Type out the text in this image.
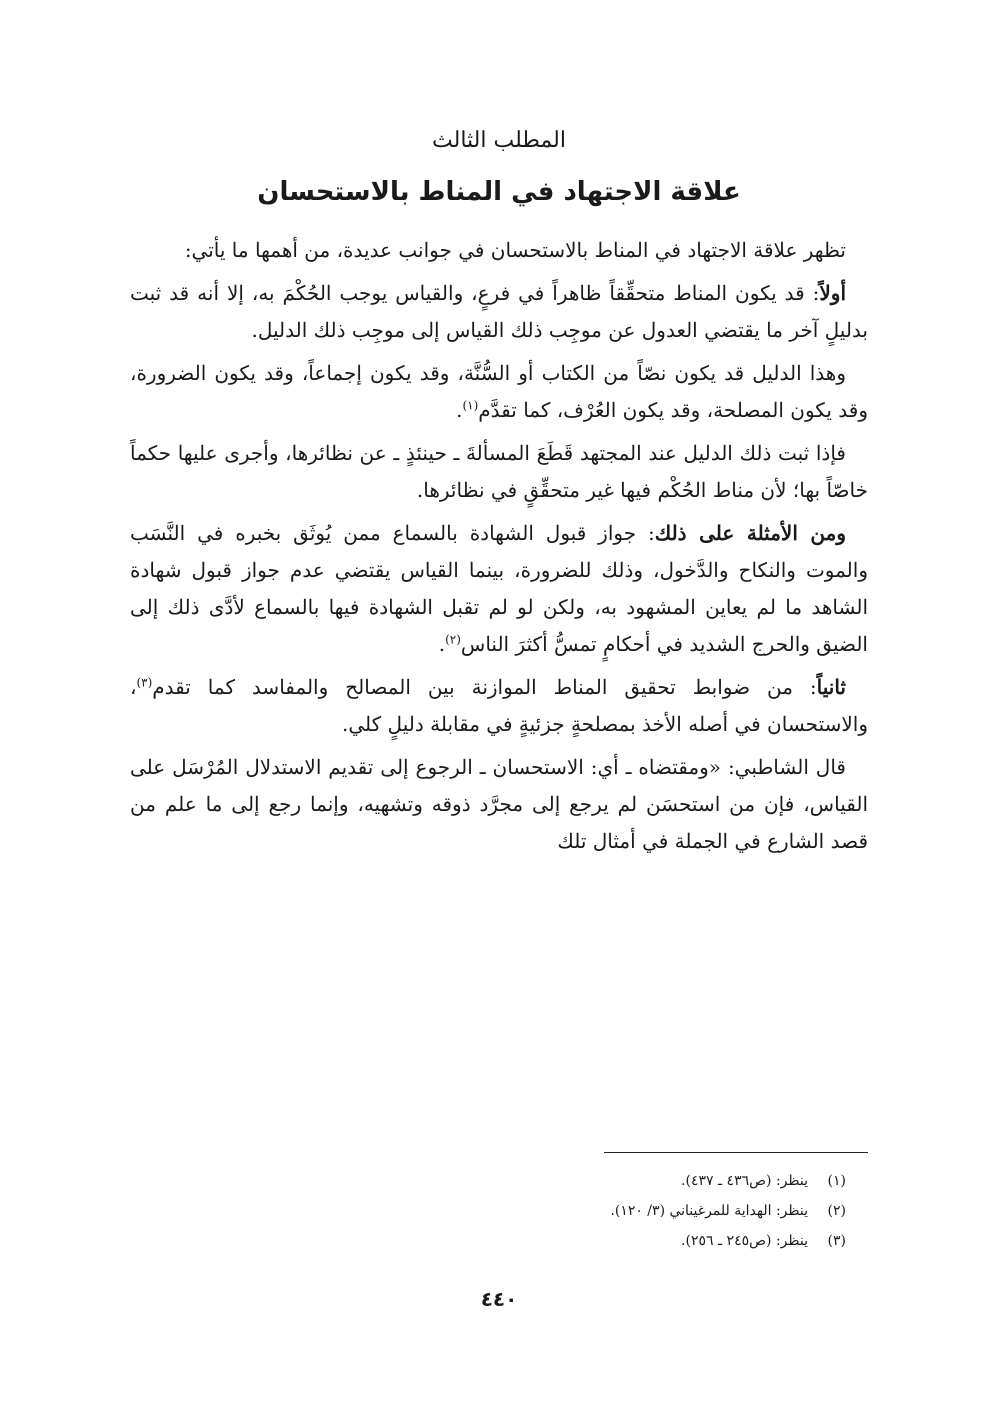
المطلب الثالث
علاقة الاجتهاد في المناط بالاستحسان

تظهر علاقة الاجتهاد في المناط بالاستحسان في جوانب عديدة، من أهمها ما يأتي:

أولاً: قد يكون المناط متحقِّقاً ظاهراً في فرعٍ، والقياس يوجب الحُكْمَ به، إلا أنه قد ثبت بدليلٍ آخر ما يقتضي العدول عن موجِب ذلك القياس إلى موجِب ذلك الدليل.

وهذا الدليل قد يكون نصّاً من الكتاب أو السُّنَّة، وقد يكون إجماعاً، وقد يكون الضرورة، وقد يكون المصلحة، وقد يكون العُرْف، كما تقدَّم$^{(١)}$.

فإذا ثبت ذلك الدليل عند المجتهد قَطَعَ المسألةَ ـ حينئذٍ ـ عن نظائرها، وأجرى عليها حكماً خاصّاً بها؛ لأن مناط الحُكْم فيها غير متحقِّقٍ في نظائرها.

ومن الأمثلة على ذلك: جواز قبول الشهادة بالسماع ممن يُوثَق بخبره في النَّسَب والموت والنكاح والدَّخول، وذلك للضرورة، بينما القياس يقتضي عدم جواز قبول شهادة الشاهد ما لم يعاين المشهود به، ولكن لو لم تقبل الشهادة فيها بالسماع لأدَّى ذلك إلى الضيق والحرج الشديد في أحكامٍ تمسُّ أكثرَ الناس$^{(٢)}$.

ثانياً: من ضوابط تحقيق المناط الموازنة بين المصالح والمفاسد كما تقدم$^{(٣)}$، والاستحسان في أصله الأخذ بمصلحةٍ جزئيةٍ في مقابلة دليلٍ كلي.

قال الشاطبي: «ومقتضاه ـ أي: الاستحسان ـ الرجوع إلى تقديم الاستدلال المُرْسَل على القياس، فإن من استحسَن لم يرجع إلى مجرَّد ذوقه وتشهيه، وإنما رجع إلى ما علم من قصد الشارع في الجملة في أمثال تلك

(١)ينظر: (ص٤٣٦ ـ ٤٣٧).
(٢)ينظر: الهداية للمرغيناني (٣/ ١٢٠).
(٣)ينظر: (ص٢٤٥ ـ ٢٥٦).
٤٤٠
